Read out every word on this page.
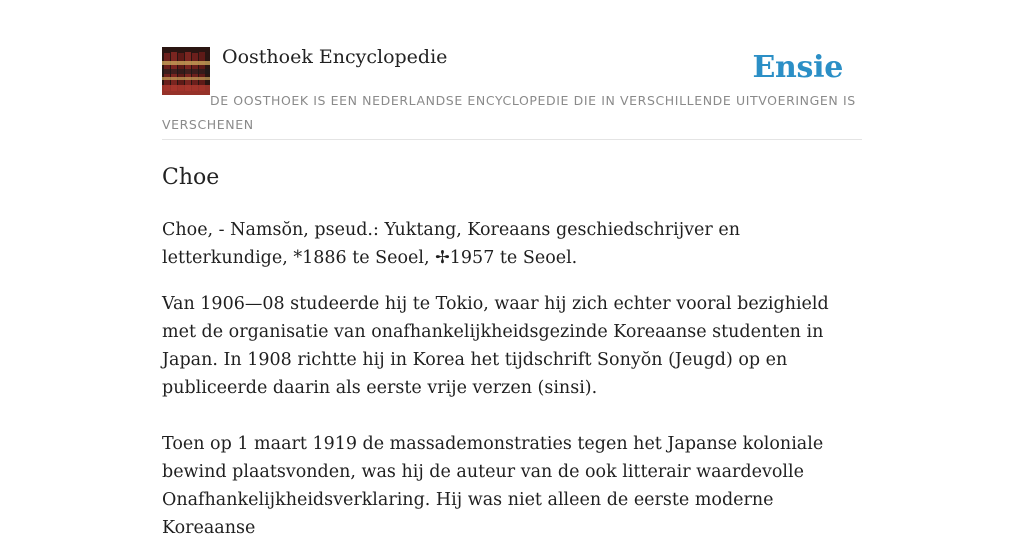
Oosthoek Encyclopedie	Ensie
DE OOSTHOEK IS EEN NEDERLANDSE ENCYCLOPEDIE DIE IN VERSCHILLENDE UITVOERINGEN IS VERSCHENEN
Choe

Choe, - Namsŏn, pseud.: Yuktang, Koreaans geschiedschrijver en letterkundige, *1886 te Seoel, ✢1957 te Seoel.

Van 1906—08 studeerde hij te Tokio, waar hij zich echter vooral bezighield met de organisatie van onafhankelijkheidsgezinde Koreaanse studenten in Japan. In 1908 richtte hij in Korea het tijdschrift Sonyŏn (Jeugd) op en publiceerde daarin als eerste vrije verzen (sinsi).

Toen op 1 maart 1919 de massademonstraties tegen het Japanse koloniale bewind plaatsvonden, was hij de auteur van de ook litterair waardevolle Onafhankelijkheidsverklaring. Hij was niet alleen de eerste moderne Koreaanse
